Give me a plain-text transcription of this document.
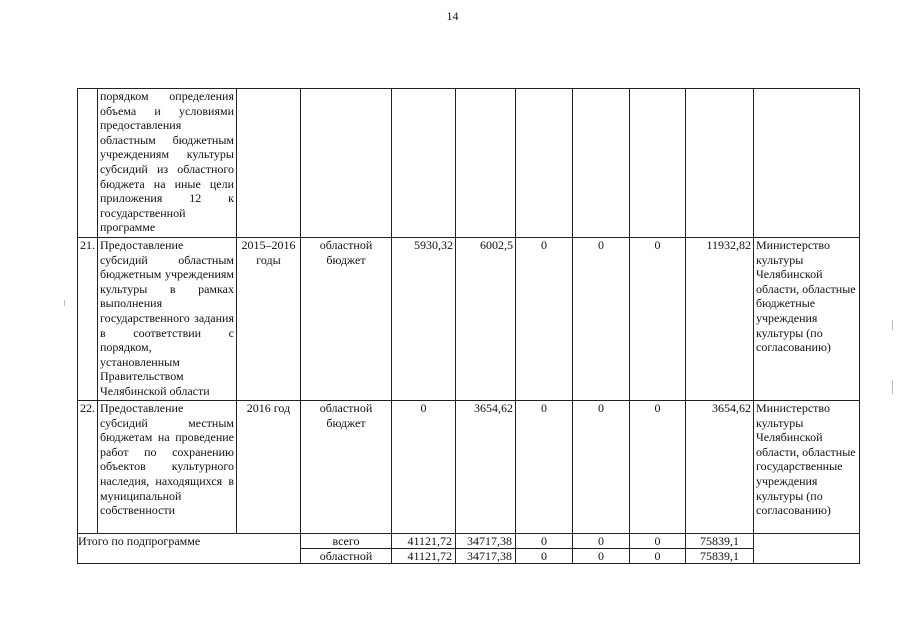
14
	порядком определения объема и условиями предоставления областным бюджетным учреждениям культуры субсидий из областного бюджета на иные цели приложения 12 к государственной программе									
21.	Предоставление субсидий областным бюджетным учреждениям культуры в рамках выполнения государственного задания в соответствии с порядком, установленным Правительством Челябинской области	2015–2016 годы	областной бюджет	5930,32	6002,5	0	0	0	11932,82	Министерство культуры Челябинской области, областные бюджетные учреждения культуры (по согласованию)
22.	Предоставление субсидий местным бюджетам на проведение работ по сохранению объектов культурного наследия, находящихся в муниципальной собственности	2016 год	областной бюджет	0	3654,62	0	0	0	3654,62	Министерство культуры Челябинской области, областные государственные учреждения культуры (по согласованию)
Итого по подпрограмме			всего	41121,72	34717,38	0	0	0	75839,1	
			областной	41121,72	34717,38	0	0	0	75839,1	
